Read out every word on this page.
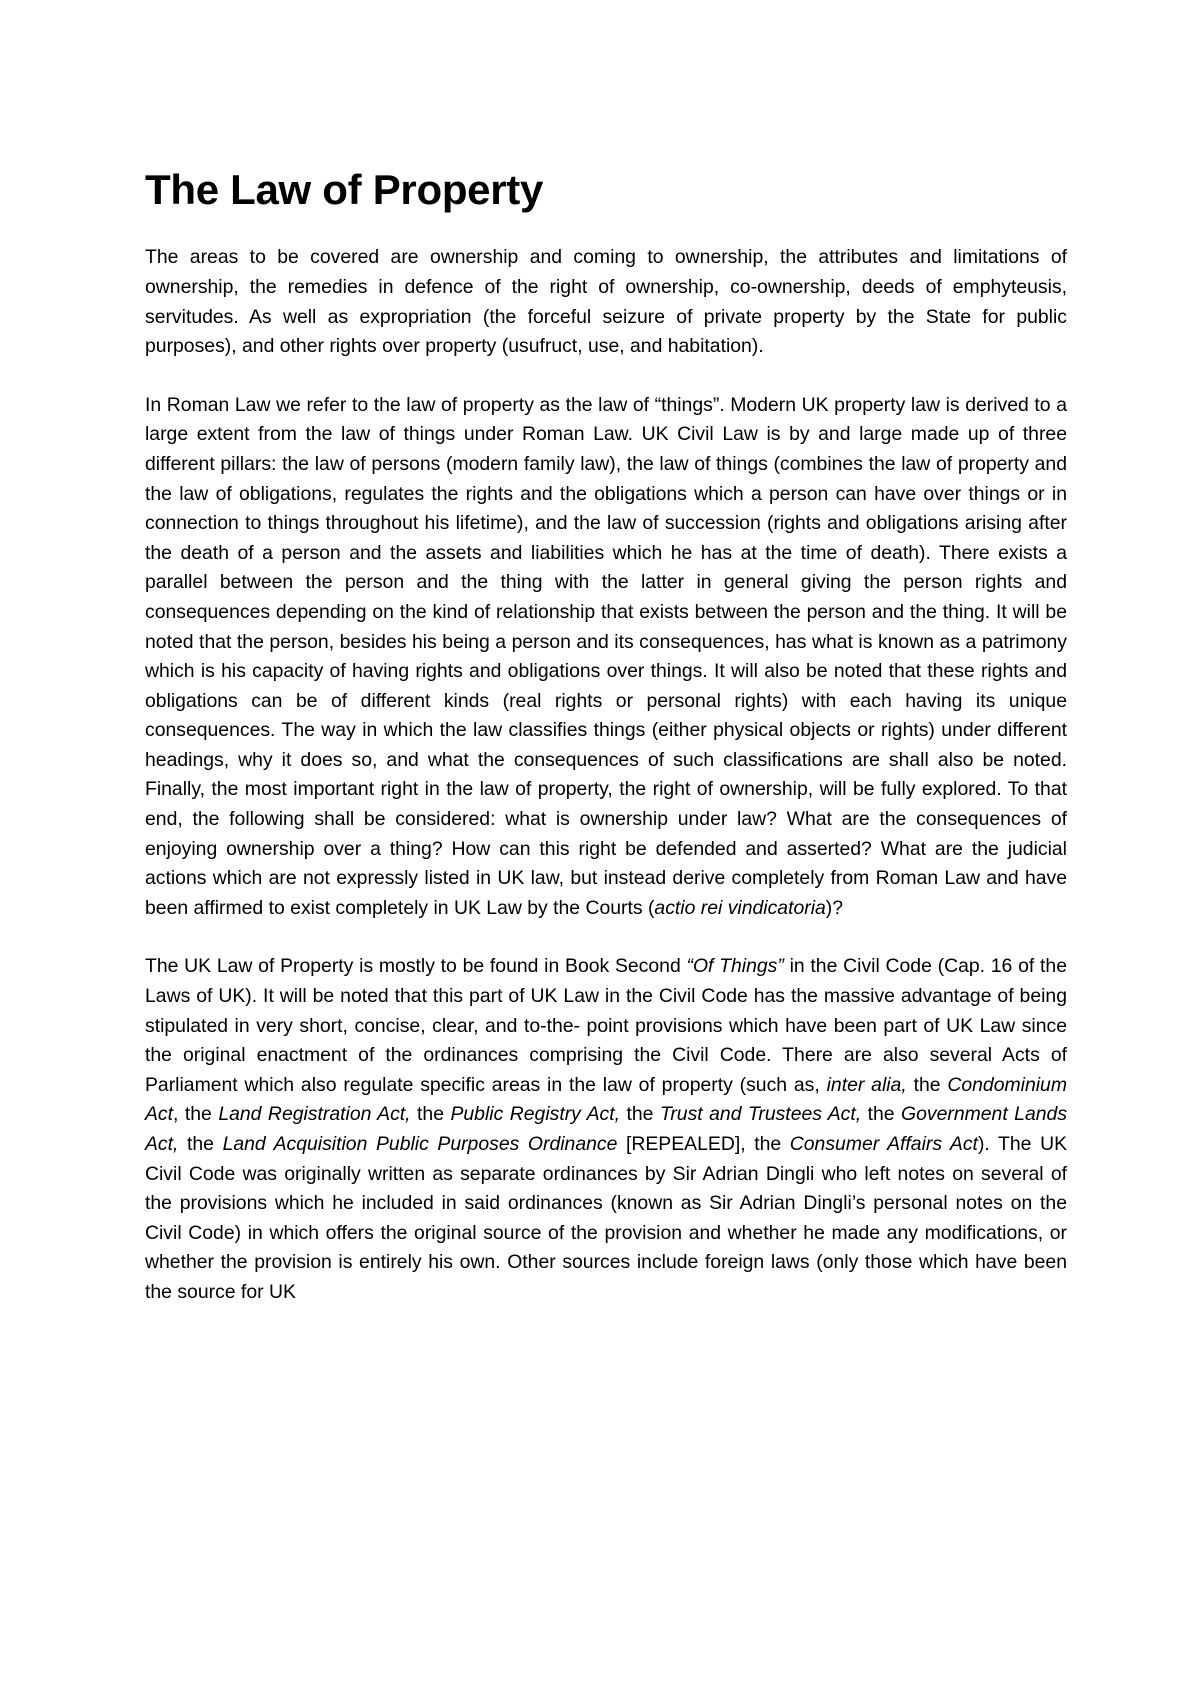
The Law of Property

The areas to be covered are ownership and coming to ownership, the attributes and limitations of ownership, the remedies in defence of the right of ownership, co-ownership, deeds of emphyteusis, servitudes. As well as expropriation (the forceful seizure of private property by the State for public purposes), and other rights over property (usufruct, use, and habitation).

In Roman Law we refer to the law of property as the law of “things”. Modern UK property law is derived to a large extent from the law of things under Roman Law. UK Civil Law is by and large made up of three different pillars: the law of persons (modern family law), the law of things (combines the law of property and the law of obligations, regulates the rights and the obligations which a person can have over things or in connection to things throughout his lifetime), and the law of succession (rights and obligations arising after the death of a person and the assets and liabilities which he has at the time of death). There exists a parallel between the person and the thing with the latter in general giving the person rights and consequences depending on the kind of relationship that exists between the person and the thing. It will be noted that the person, besides his being a person and its consequences, has what is known as a patrimony which is his capacity of having rights and obligations over things. It will also be noted that these rights and obligations can be of different kinds (real rights or personal rights) with each having its unique consequences. The way in which the law classifies things (either physical objects or rights) under different headings, why it does so, and what the consequences of such classifications are shall also be noted. Finally, the most important right in the law of property, the right of ownership, will be fully explored. To that end, the following shall be considered: what is ownership under law? What are the consequences of enjoying ownership over a thing? How can this right be defended and asserted? What are the judicial actions which are not expressly listed in UK law, but instead derive completely from Roman Law and have been affirmed to exist completely in UK Law by the Courts (actio rei vindicatoria)?

The UK Law of Property is mostly to be found in Book Second “Of Things” in the Civil Code (Cap. 16 of the Laws of UK). It will be noted that this part of UK Law in the Civil Code has the massive advantage of being stipulated in very short, concise, clear, and to-the- point provisions which have been part of UK Law since the original enactment of the ordinances comprising the Civil Code. There are also several Acts of Parliament which also regulate specific areas in the law of property (such as, inter alia, the Condominium Act, the Land Registration Act, the Public Registry Act, the Trust and Trustees Act, the Government Lands Act, the Land Acquisition Public Purposes Ordinance [REPEALED], the Consumer Affairs Act). The UK Civil Code was originally written as separate ordinances by Sir Adrian Dingli who left notes on several of the provisions which he included in said ordinances (known as Sir Adrian Dingli’s personal notes on the Civil Code) in which offers the original source of the provision and whether he made any modifications, or whether the provision is entirely his own. Other sources include foreign laws (only those which have been the source for UK
